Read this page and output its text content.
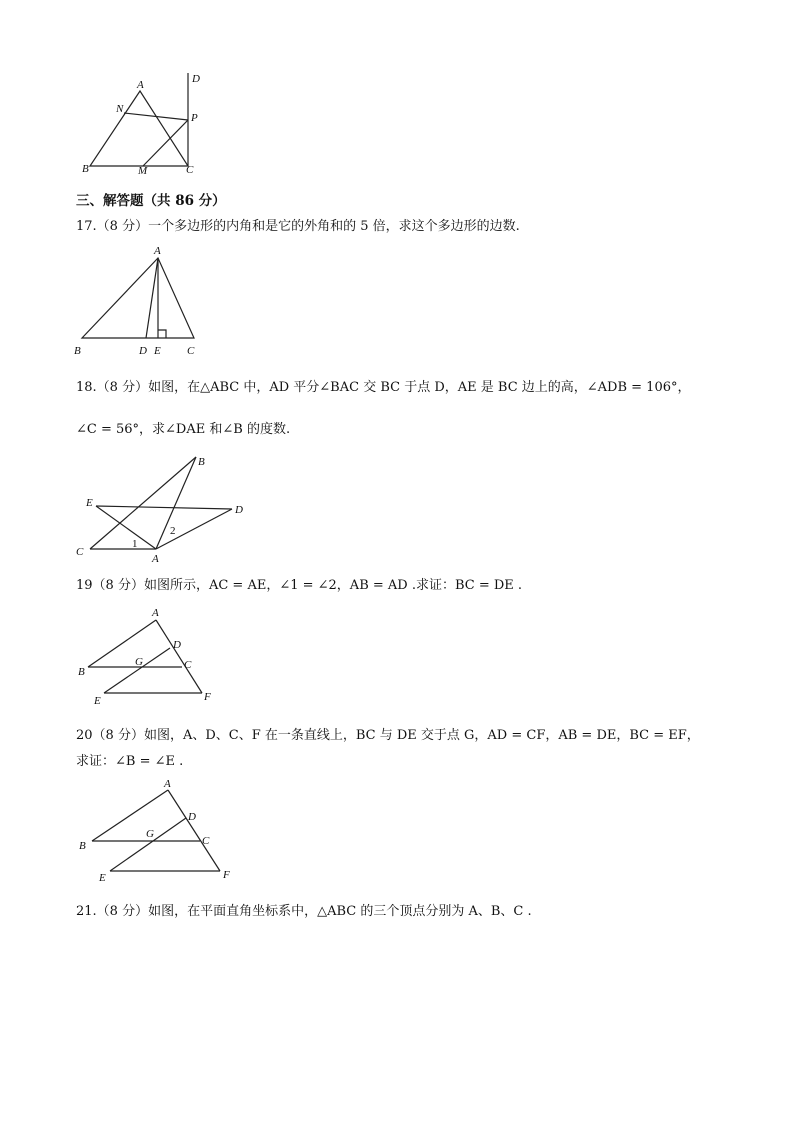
A
B	C
D
M
N
P
三、解答题（共 86 分）
17.（8 分）一个多边形的内角和是它的外角和的 5 倍，求这个多边形的边数.
A
B	D E C
18.（8 分）如图，在△ABC 中，AD 平分∠BAC 交 BC 于点 D，AE 是 BC 边上的高，∠ADB = 106°，
∠C = 56°，求∠DAE 和∠B 的度数.
B
E
D
C
A
1
2
19（8 分）如图所示，AC = AE，∠1 = ∠2，AB = AD .求证：BC = DE .
A
D
G	C
B
E	F
20（8 分）如图，A、D、C、F 在一条直线上，BC 与 DE 交于点 G，AD = CF，AB = DE，BC = EF，
求证：∠B = ∠E .
A
D
G
C
B
E	F
21.（8 分）如图，在平面直角坐标系中，△ABC 的三个顶点分别为 A、B、C .
